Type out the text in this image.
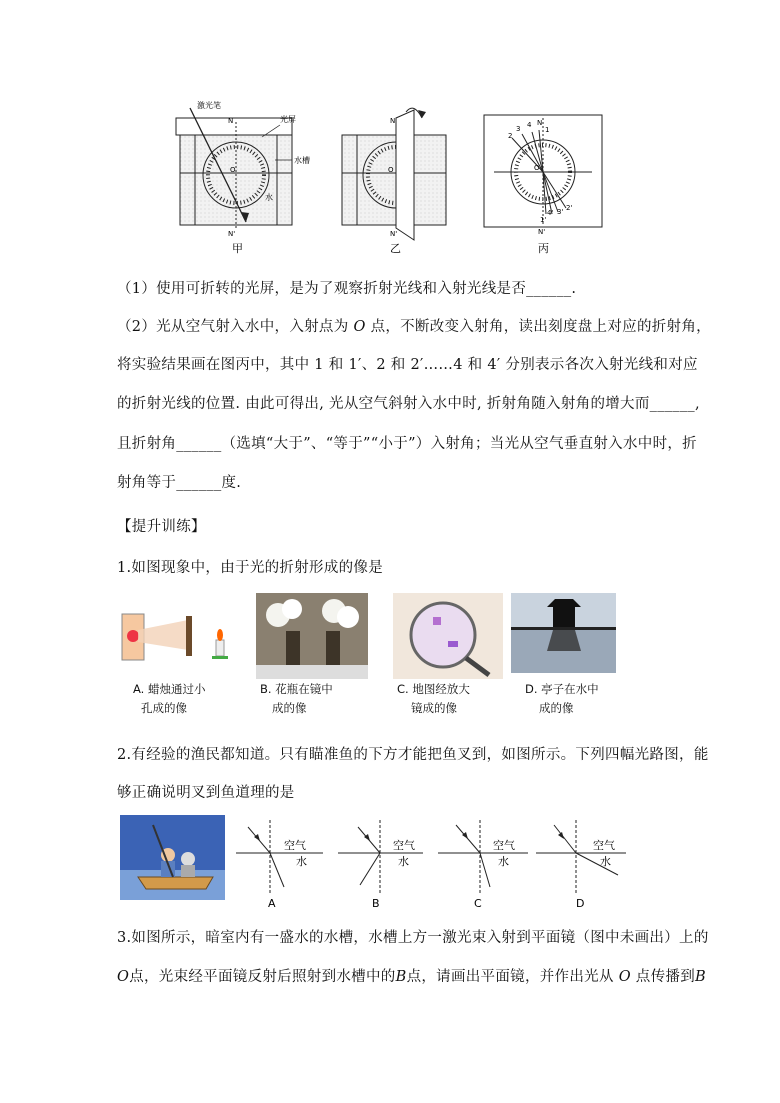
激光笔
光屏
水槽
水
N
O
N'
甲
N
O
N'
乙
2
3 4
1
4' 3' 2'
1'
N
O
N'
丙
（1）使用可折转的光屏，是为了观察折射光线和入射光线是否______.
（2）光从空气射入水中，入射点为 O 点，不断改变入射角，读出刻度盘上对应的折射角，
将实验结果画在图丙中，其中 1 和 1′、2 和 2′……4 和 4′ 分别表示各次入射光线和对应
的折射光线的位置. 由此可得出, 光从空气斜射入水中时, 折射角随入射角的增大而______,
且折射角______（选填“大于”、“等于”“小于”）入射角；当光从空气垂直射入水中时，折
射角等于______度.
【提升训练】
1.如图现象中，由于光的折射形成的像是
A. 蜡烛通过小
孔成的像
B. 花瓶在镜中
成的像
C. 地图经放大
镜成的像
D. 亭子在水中
成的像
2.有经验的渔民都知道。只有瞄准鱼的下方才能把鱼叉到，如图所示。下列四幅光路图，能
够正确说明叉到鱼道理的是
空气
水
A
空气
水
B
空气
水
C
空气
水
D
3.如图所示，暗室内有一盛水的水槽，水槽上方一激光束入射到平面镜（图中未画出）上的
O点，光束经平面镜反射后照射到水槽中的B点，请画出平面镜，并作出光从 O 点传播到B
